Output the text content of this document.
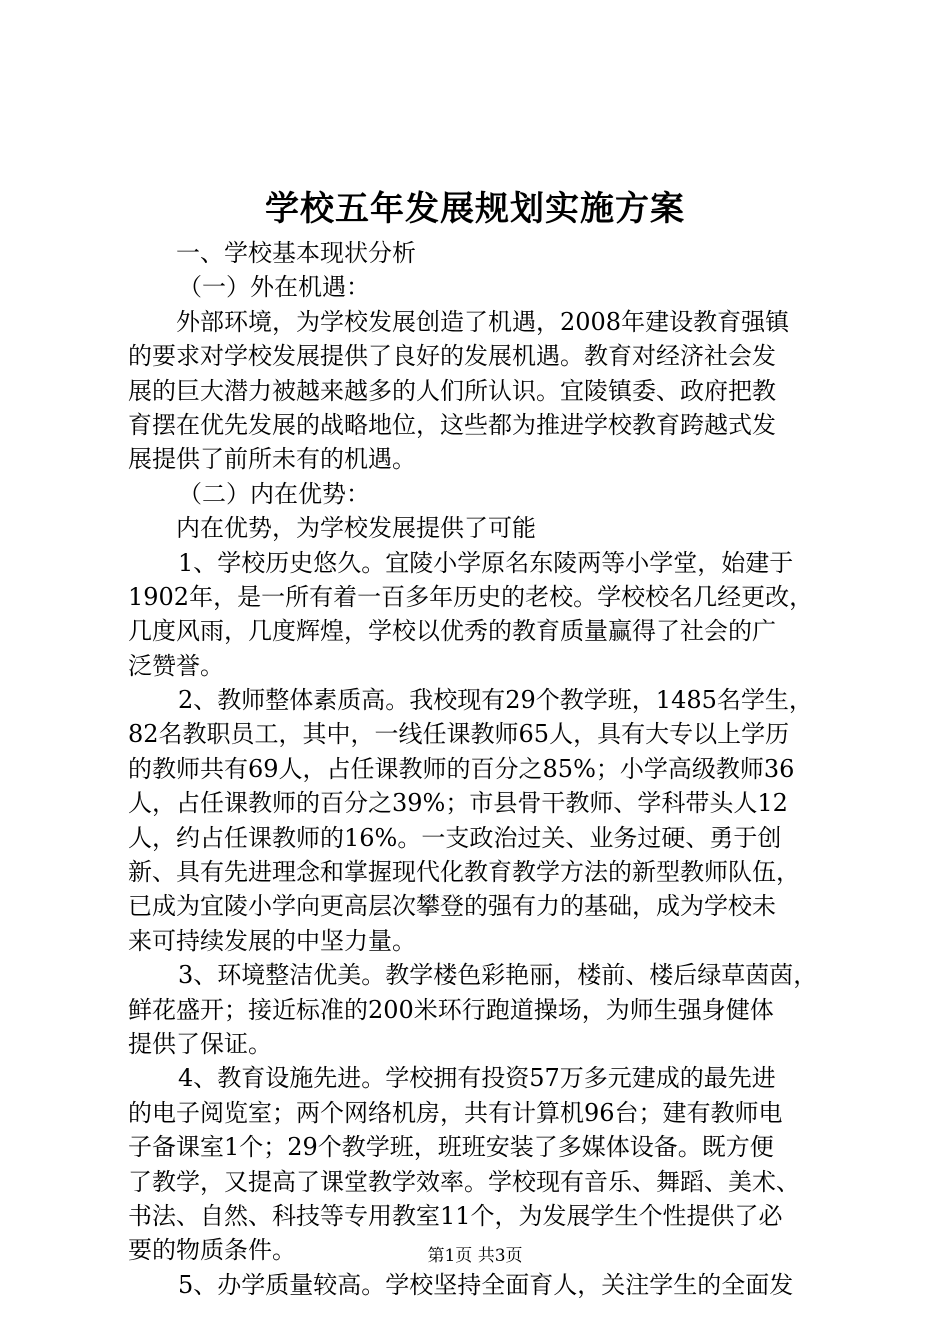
学校五年发展规划实施方案
一、学校基本现状分析
（一）外在机遇：
外部环境，为学校发展创造了机遇，2008年建设教育强镇
的要求对学校发展提供了良好的发展机遇。教育对经济社会发
展的巨大潜力被越来越多的人们所认识。宜陵镇委、政府把教
育摆在优先发展的战略地位，这些都为推进学校教育跨越式发
展提供了前所未有的机遇。
（二）内在优势：
内在优势，为学校发展提供了可能
1、学校历史悠久。宜陵小学原名东陵两等小学堂，始建于
1902年，是一所有着一百多年历史的老校。学校校名几经更改，
几度风雨，几度辉煌，学校以优秀的教育质量赢得了社会的广
泛赞誉。
2、教师整体素质高。我校现有29个教学班，1485名学生，
82名教职员工，其中，一线任课教师65人，具有大专以上学历
的教师共有69人，占任课教师的百分之85%；小学高级教师36
人，占任课教师的百分之39%；市县骨干教师、学科带头人12
人，约占任课教师的16%。一支政治过关、业务过硬、勇于创
新、具有先进理念和掌握现代化教育教学方法的新型教师队伍，
已成为宜陵小学向更高层次攀登的强有力的基础，成为学校未
来可持续发展的中坚力量。
3、环境整洁优美。教学楼色彩艳丽，楼前、楼后绿草茵茵，
鲜花盛开；接近标准的200米环行跑道操场，为师生强身健体
提供了保证。
4、教育设施先进。学校拥有投资57万多元建成的最先进
的电子阅览室；两个网络机房，共有计算机96台；建有教师电
子备课室1个；29个教学班，班班安装了多媒体设备。既方便
了教学，又提高了课堂教学效率。学校现有音乐、舞蹈、美术、
书法、自然、科技等专用教室11个，为发展学生个性提供了必
要的物质条件。
5、办学质量较高。学校坚持全面育人，关注学生的全面发
第1页 共3页
